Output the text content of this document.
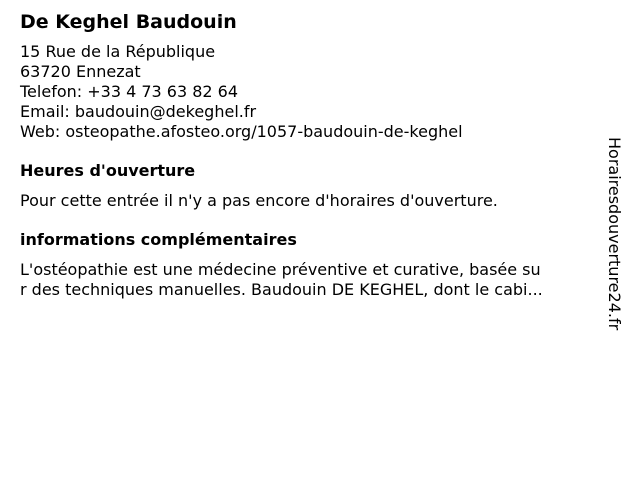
De Keghel Baudouin
15 Rue de la République
63720 Ennezat
Telefon: +33 4 73 63 82 64
Email: baudouin@dekeghel.fr
Web: osteopathe.afosteo.org/1057-baudouin-de-keghel
Heures d'ouverture
Pour cette entrée il n'y a pas encore d'horaires d'ouverture.
informations complémentaires
L'ostéopathie est une médecine préventive et curative, basée su
r des techniques manuelles. Baudouin DE KEGHEL, dont le cabi...	Horairesdouverture24.fr
